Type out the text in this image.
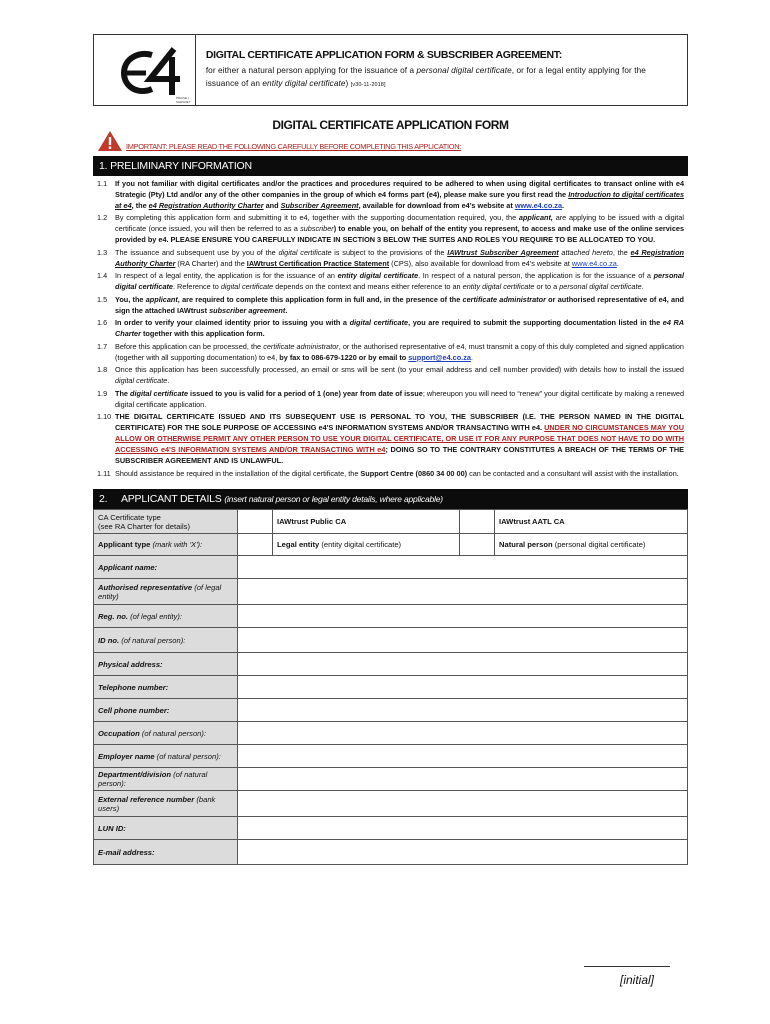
PRAISE | SHEGRET
DIGITAL CERTIFICATE APPLICATION FORM & SUBSCRIBER AGREEMENT:
for either a natural person applying for the issuance of a personal digital certificate, or for a legal entity applying for the issuance of an entity digital certificate) [v30-11-2018]
DIGITAL CERTIFICATE APPLICATION FORM
IMPORTANT: PLEASE READ THE FOLLOWING CAREFULLY BEFORE COMPLETING THIS APPLICATION:
1. PRELIMINARY INFORMATION
1.1	If you not familiar with digital certificates and/or the practices and procedures required to be adhered to when using digital certificates to transact online with e4 Strategic (Pty) Ltd and/or any of the other companies in the group of which e4 forms part (e4), please make sure you first read the Introduction to digital certificates at e4, the e4 Registration Authority Charter and Subscriber Agreement, available for download from e4's website at www.e4.co.za.
1.2	By completing this application form and submitting it to e4, together with the supporting documentation required, you, the applicant, are applying to be issued with a digital certificate (once issued, you will then be referred to as a subscriber) to enable you, on behalf of the entity you represent, to access and make use of the online services provided by e4. PLEASE ENSURE YOU CAREFULLY INDICATE IN SECTION 3 BELOW THE SUITES AND ROLES YOU REQUIRE TO BE ALLOCATED TO YOU.
1.3	The issuance and subsequent use by you of the digital certificate is subject to the provisions of the IAWtrust Subscriber Agreement attached hereto, the e4 Registration Authority Charter (RA Charter) and the IAWtrust Certification Practice Statement (CPS), also available for download from e4's website at www.e4.co.za.
1.4	In respect of a legal entity, the application is for the issuance of an entity digital certificate. In respect of a natural person, the application is for the issuance of a personal digital certificate. Reference to digital certificate depends on the context and means either reference to an entity digital certificate or to a personal digital certificate.
1.5	You, the applicant, are required to complete this application form in full and, in the presence of the certificate administrator or authorised representative of e4, and sign the attached IAWtrust subscriber agreement.
1.6	In order to verify your claimed identity prior to issuing you with a digital certificate, you are required to submit the supporting documentation listed in the e4 RA Charter together with this application form.
1.7	Before this application can be processed, the certificate administrator, or the authorised representative of e4, must transmit a copy of this duly completed and signed application (together with all supporting documentation) to e4, by fax to 086-679-1220 or by email to support@e4.co.za.
1.8	Once this application has been successfully processed, an email or sms will be sent (to your email address and cell number provided) with details how to install the issued digital certificate.
1.9	The digital certificate issued to you is valid for a period of 1 (one) year from date of issue; whereupon you will need to “renew” your digital certificate by making a renewed digital certificate application.
1.10 THE DIGITAL CERTIFICATE ISSUED AND ITS SUBSEQUENT USE IS PERSONAL TO YOU, THE SUBSCRIBER (I.E. THE PERSON NAMED IN THE DIGITAL CERTIFICATE) FOR THE SOLE PURPOSE OF ACCESSING e4'S INFORMATION SYSTEMS AND/OR TRANSACTING WITH e4. UNDER NO CIRCUMSTANCES MAY YOU ALLOW OR OTHERWISE PERMIT ANY OTHER PERSON TO USE YOUR DIGITAL CERTIFICATE, OR USE IT FOR ANY PURPOSE THAT DOES NOT HAVE TO DO WITH ACCESSING e4'S INFORMATION SYSTEMS AND/OR TRANSACTING WITH e4; DOING SO TO THE CONTRARY CONSTITUTES A BREACH OF THE TERMS OF THE SUBSCRIBER AGREEMENT AND IS UNLAWFUL.
1.11 Should assistance be required in the installation of the digital certificate, the Support Centre (0860 34 00 00) can be contacted and a consultant will assist with the installation.
2. APPLICANT DETAILS (insert natural person or legal entity details, where applicable)
CA Certificate type
(see RA Charter for details)		IAWtrust Public CA		IAWtrust AATL CA
Applicant type (mark with 'X'):		Legal entity (entity digital certificate)		Natural person (personal digital certificate)
Applicant name:				
Authorised representative (of legal entity)				
Reg. no. (of legal entity):				
ID no. (of natural person):				
Physical address:				
Telephone number:				
Cell phone number:				
Occupation (of natural person):				
Employer name (of natural person):				
Department/division (of natural person):				
External reference number (bank users)				
LUN ID:				
E-mail address:				
[initial]
